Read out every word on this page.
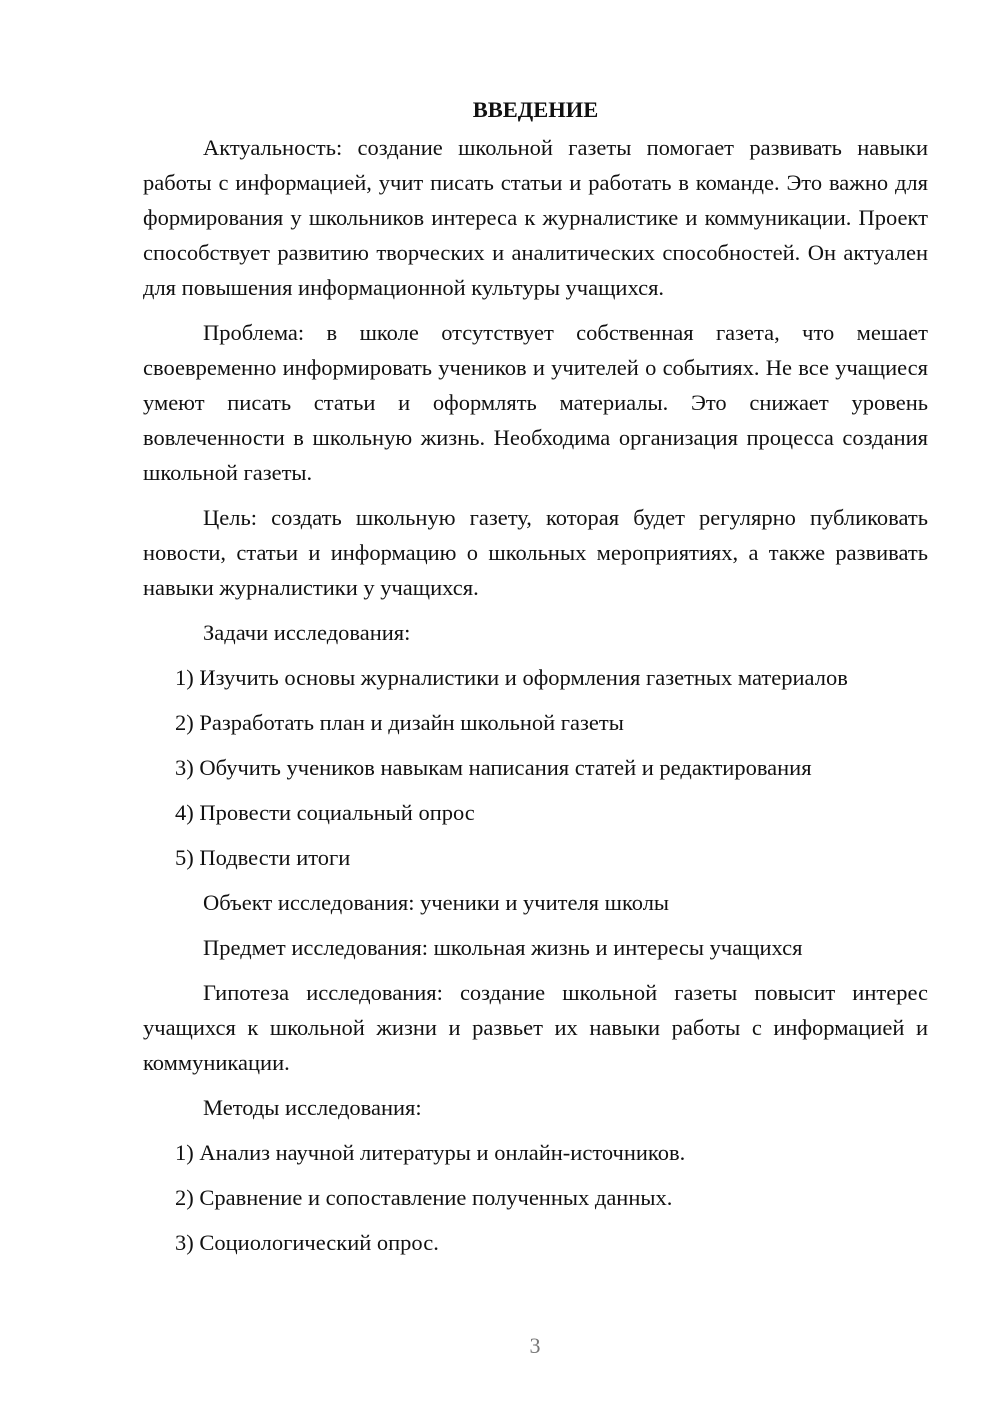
ВВЕДЕНИЕ

Актуальность: создание школьной газеты помогает развивать навыки работы с информацией, учит писать статьи и работать в команде. Это важно для формирования у школьников интереса к журналистике и коммуникации. Проект способствует развитию творческих и аналитических способностей. Он актуален для повышения информационной культуры учащихся.

Проблема: в школе отсутствует собственная газета, что мешает своевременно информировать учеников и учителей о событиях. Не все учащиеся умеют писать статьи и оформлять материалы. Это снижает уровень вовлеченности в школьную жизнь. Необходима организация процесса создания школьной газеты.

Цель: создать школьную газету, которая будет регулярно публиковать новости, статьи и информацию о школьных мероприятиях, а также развивать навыки журналистики у учащихся.

Задачи исследования:
1) Изучить основы журналистики и оформления газетных материалов
2) Разработать план и дизайн школьной газеты
3) Обучить учеников навыкам написания статей и редактирования
4) Провести социальный опрос
5) Подвести итоги
Объект исследования: ученики и учителя школы
Предмет исследования: школьная жизнь и интересы учащихся

Гипотеза исследования: создание школьной газеты повысит интерес учащихся к школьной жизни и развьет их навыки работы с информацией и коммуникации.

Методы исследования:
1) Анализ научной литературы и онлайн-источников.
2) Сравнение и сопоставление полученных данных.
3) Социологический опрос.
3
